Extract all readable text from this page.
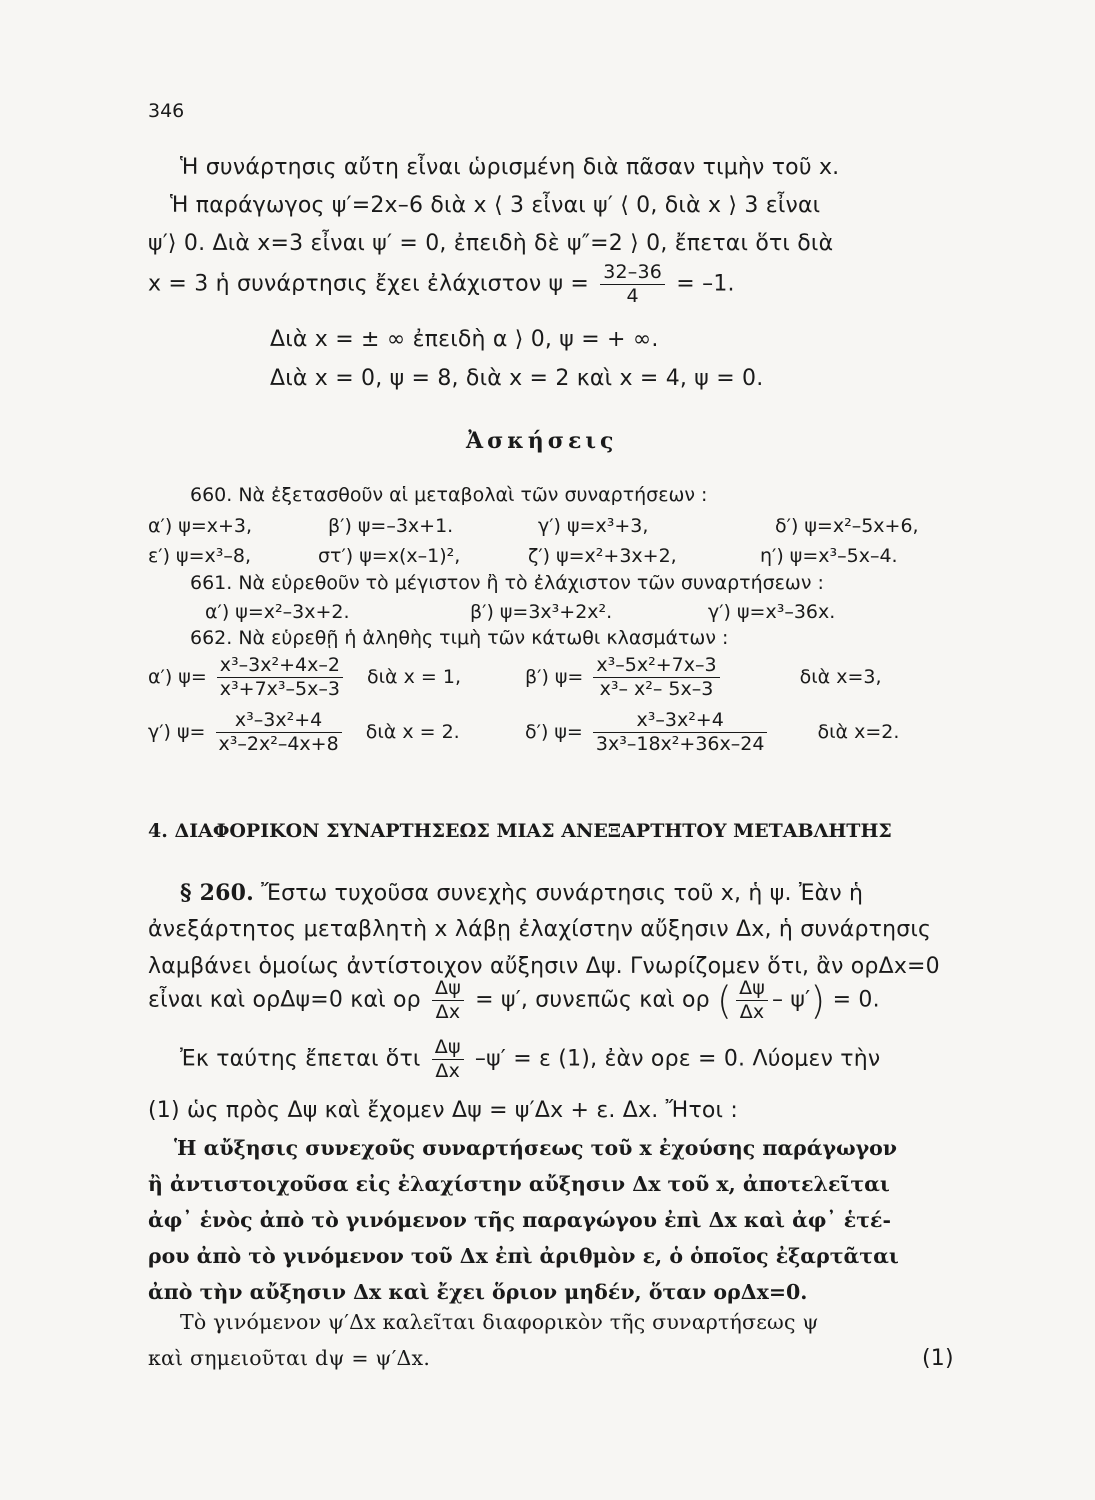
346
Ἡ συνάρτησις αὔτη εἶναι ὡρισμένη διὰ πᾶσαν τιμὴν τοῦ x.
Ἡ παράγωγος ψ′=2x–6 διὰ x ⟨ 3 εἶναι ψ′ ⟨ 0, διὰ x ⟩ 3 εἶναι
ψ′⟩ 0. Διὰ x=3 εἶναι ψ′ = 0, ἐπειδὴ δὲ ψ″=2 ⟩ 0, ἔπεται ὅτι διὰ
x = 3 ἡ συνάρτησις ἔχει ἐλάχιστον $\psi = \frac{32-36}{4} = -1$.
Διὰ x = ± ∞ ἐπειδὴ α ⟩ 0, ψ = + ∞.
Διὰ x = 0, ψ = 8, διὰ x = 2 καὶ x = 4, ψ = 0.
Ἀσκήσεις
660. Νὰ ἐξετασθοῦν αἱ μεταβολαὶ τῶν συναρτήσεων :
α′) ψ=x+3,	β′) ψ=–3x+1.	γ′) ψ=x³+3,	δ′) ψ=x²–5x+6,
ε′) ψ=x³–8,	στ′) ψ=x(x–1)²,	ζ′) ψ=x²+3x+2,	η′) ψ=x³–5x–4.
661. Νὰ εὑρεθοῦν τὸ μέγιστον ἢ τὸ ἐλάχιστον τῶν συναρτήσεων :
α′) ψ=x²–3x+2.	β′) ψ=3x³+2x².	γ′) ψ=x³–36x.
662. Νὰ εὑρεθῇ ἡ ἀληθὴς τιμὴ τῶν κάτωθι κλασμάτων :
α′) $\psi= \frac{\text{x³–3x²+4x–2}}{\text{x³+7x³–5x–3}}$ διὰ x = 1,	β′) $\psi= \frac{\text{x³–5x²+7x–3}}{\text{x³– x²– 5x–3}}$	διὰ x=3,
γ′) $\psi= \frac{\text{x³–3x²+4}}{\text{x³–2x²–4x+8}}$ διὰ x = 2.	δ′) $\psi= \frac{\text{x³–3x²+4}}{\text{3x³–18x²+36x–24}}$	διὰ x=2.
4. ΔΙΑΦΟΡΙΚΟΝ ΣΥΝΑΡΤΗΣΕΩΣ ΜΙΑΣ ΑΝΕΞΑΡΤΗΤΟΥ ΜΕΤΑΒΛΗΤΗΣ
§ 260. Ἔστω τυχοῦσα συνεχὴς συνάρτησις τοῦ x, ἡ ψ. Ἐὰν ἡ
ἀνεξάρτητος μεταβλητὴ x λάβῃ ἐλαχίστην αὔξησιν Δx, ἡ συνάρτησις
λαμβάνει ὁμοίως ἀντίστοιχον αὔξησιν Δψ. Γνωρίζομεν ὅτι, ἂν ορΔx=0
εἶναι καὶ ορΔψ=0 καὶ ορ $\frac{\Delta\psi}{\Delta x} = \psi'$, συνεπῶς καὶ ορ ( $\frac{\Delta\psi}{\Delta x} - \psi') = 0$.
Ἐκ ταύτης ἔπεται ὅτι $\frac{\Delta\psi}{\Delta x} -\psi' = \varepsilon$ (1), ἐὰν ορε = 0. Λύομεν τὴν
(1) ὡς πρὸς Δψ καὶ ἔχομεν Δψ = ψ′Δx + ε. Δx. Ἤτοι :
Ἡ αὔξησις συνεχοῦς συναρτήσεως τοῦ x ἐχούσης παράγωγον
ἢ ἀντιστοιχοῦσα εἰς ἐλαχίστην αὔξησιν Δx τοῦ x, ἀποτελεῖται
ἀφ᾽ ἑνὸς ἀπὸ τὸ γινόμενον τῆς παραγώγου ἐπὶ Δx καὶ ἀφ᾽ ἑτέ-
ρου ἀπὸ τὸ γινόμενον τοῦ Δx ἐπὶ ἀριθμὸν ε, ὁ ὁποῖος ἐξαρτᾶται
ἀπὸ τὴν αὔξησιν Δx καὶ ἔχει ὅριον μηδέν, ὅταν ορΔx=0.
Τὸ γινόμενον ψ′Δx καλεῖται διαφορικὸν τῆς συναρτήσεως ψ
καὶ σημειοῦται dψ = ψ′Δx.	(1)
